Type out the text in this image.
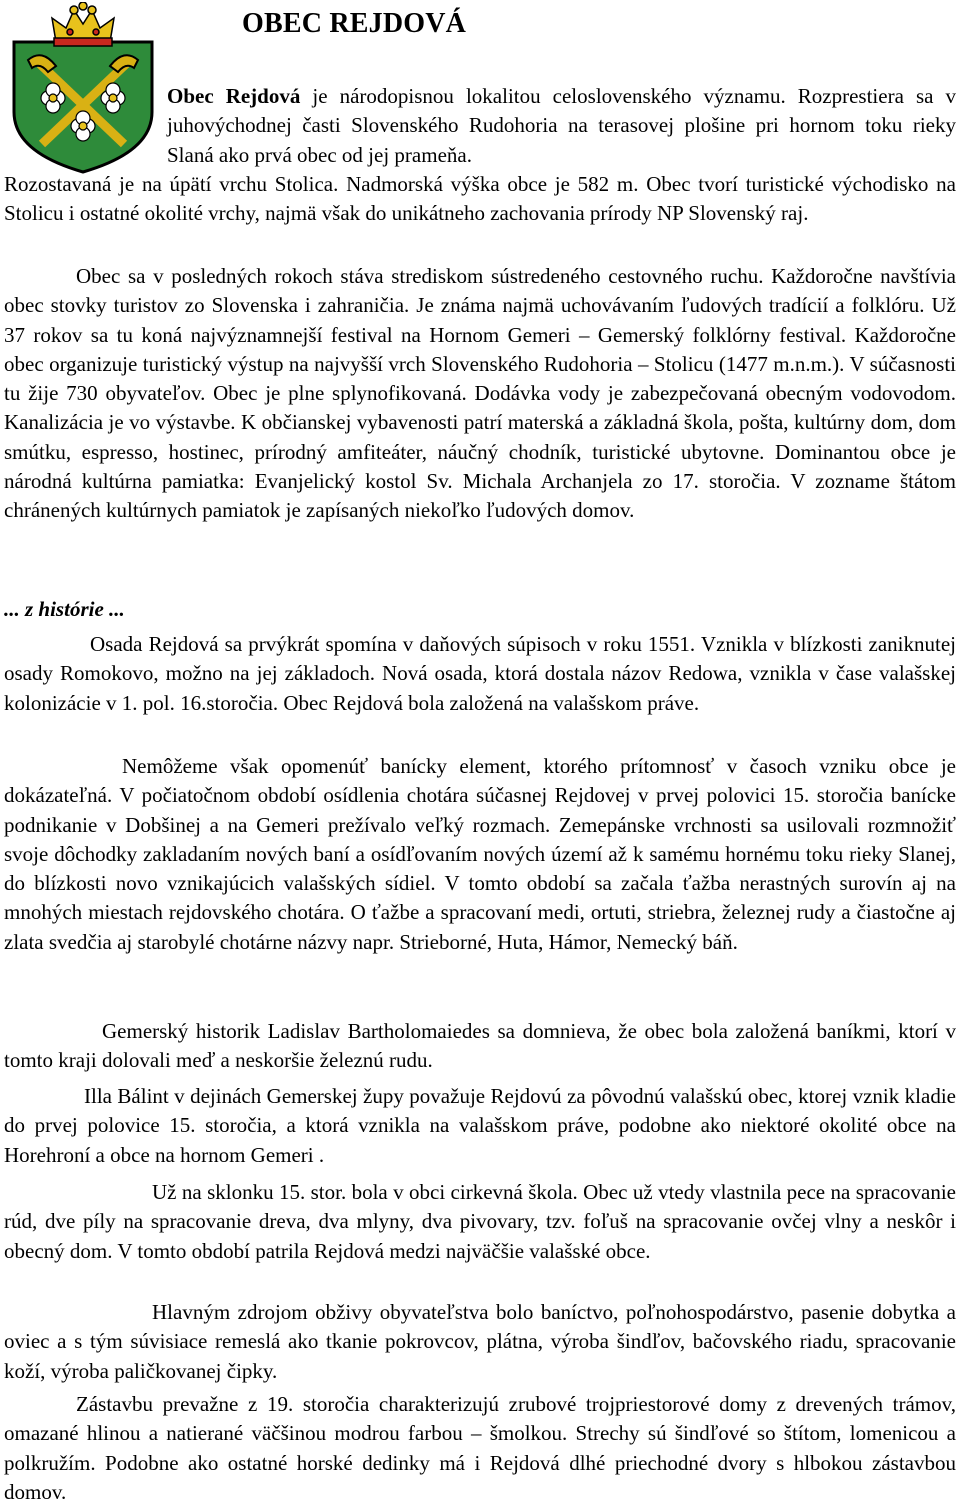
OBEC REJDOVÁ

Obec Rejdová je národopisnou lokalitou celoslovenského významu. Rozprestiera sa v juhovýchodnej časti Slovenského Rudohoria na terasovej plošine pri hornom toku rieky Slaná ako prvá obec od jej prameňa.

Rozostavaná je na úpätí vrchu Stolica. Nadmorská výška obce je 582 m. Obec tvorí turistické východisko na Stolicu i ostatné okolité vrchy, najmä však do unikátneho zachovania prírody NP Slovenský raj.

Obec sa v posledných rokoch stáva strediskom sústredeného cestovného ruchu. Každoročne navštívia obec stovky turistov zo Slovenska i zahraničia. Je známa najmä uchovávaním ľudových tradícií a folklóru. Už 37 rokov sa tu koná najvýznamnejší festival na Hornom Gemeri – Gemerský folklórny festival. Každoročne obec organizuje turistický výstup na najvyšší vrch Slovenského Rudohoria – Stolicu (1477 m.n.m.). V súčasnosti tu žije 730 obyvateľov. Obec je plne splynofikovaná. Dodávka vody je zabezpečovaná obecným vodovodom. Kanalizácia je vo výstavbe. K občianskej vybavenosti patrí materská a základná škola, pošta, kultúrny dom, dom smútku, espresso, hostinec, prírodný amfiteáter, náučný chodník, turistické ubytovne. Dominantou obce je národná kultúrna pamiatka: Evanjelický kostol Sv. Michala Archanjela zo 17. storočia. V zozname štátom chránených kultúrnych pamiatok je zapísaných niekoľko ľudových domov.

... z histórie ...

Osada Rejdová sa prvýkrát spomína v daňových súpisoch v roku 1551. Vznikla v blízkosti zaniknutej osady Romokovo, možno na jej základoch. Nová osada, ktorá dostala názov Redowa, vznikla v čase valašskej kolonizácie v 1. pol. 16.storočia. Obec Rejdová bola založená na valašskom práve.

Nemôžeme však opomenúť banícky element, ktorého prítomnosť v časoch vzniku obce je dokázateľná. V počiatočnom období osídlenia chotára súčasnej Rejdovej v prvej polovici 15. storočia banícke podnikanie v Dobšinej a na Gemeri prežívalo veľký rozmach. Zemepánske vrchnosti sa usilovali rozmnožiť svoje dôchodky zakladaním nových baní a osídľovaním nových území až k samému hornému toku rieky Slanej, do blízkosti novo vznikajúcich valašských sídiel. V tomto období sa začala ťažba nerastných surovín aj na mnohých miestach rejdovského chotára. O ťažbe a spracovaní medi, ortuti, striebra, železnej rudy a čiastočne aj zlata svedčia aj starobylé chotárne názvy napr. Strieborné, Huta, Hámor, Nemecký báň.

Gemerský historik Ladislav Bartholomaiedes sa domnieva, že obec bola založená baníkmi, ktorí v tomto kraji dolovali meď a neskoršie železnú rudu.

Illa Bálint v dejinách Gemerskej župy považuje Rejdovú za pôvodnú valašskú obec, ktorej vznik kladie do prvej polovice 15. storočia, a ktorá vznikla na valašskom práve, podobne ako niektoré okolité obce na Horehroní a obce na hornom Gemeri .

Už na sklonku 15. stor. bola v obci cirkevná škola. Obec už vtedy vlastnila pece na spracovanie rúd, dve píly na spracovanie dreva, dva mlyny, dva pivovary, tzv. foľuš na spracovanie ovčej vlny a neskôr i obecný dom. V tomto období patrila Rejdová medzi najväčšie valašské obce.

Hlavným zdrojom obživy obyvateľstva bolo baníctvo, poľnohospodárstvo, pasenie dobytka a oviec a s tým súvisiace remeslá ako tkanie pokrovcov, plátna, výroba šindľov, bačovského riadu, spracovanie koží, výroba paličkovanej čipky.

Zástavbu prevažne z 19. storočia charakterizujú zrubové trojpriestorové domy z drevených trámov, omazané hlinou a natierané väčšinou modrou farbou – šmolkou. Strechy sú šindľové so štítom, lomenicou a polkružím. Podobne ako ostatné horské dedinky má i Rejdová dlhé priechodné dvory s hlbokou zástavbou domov.
